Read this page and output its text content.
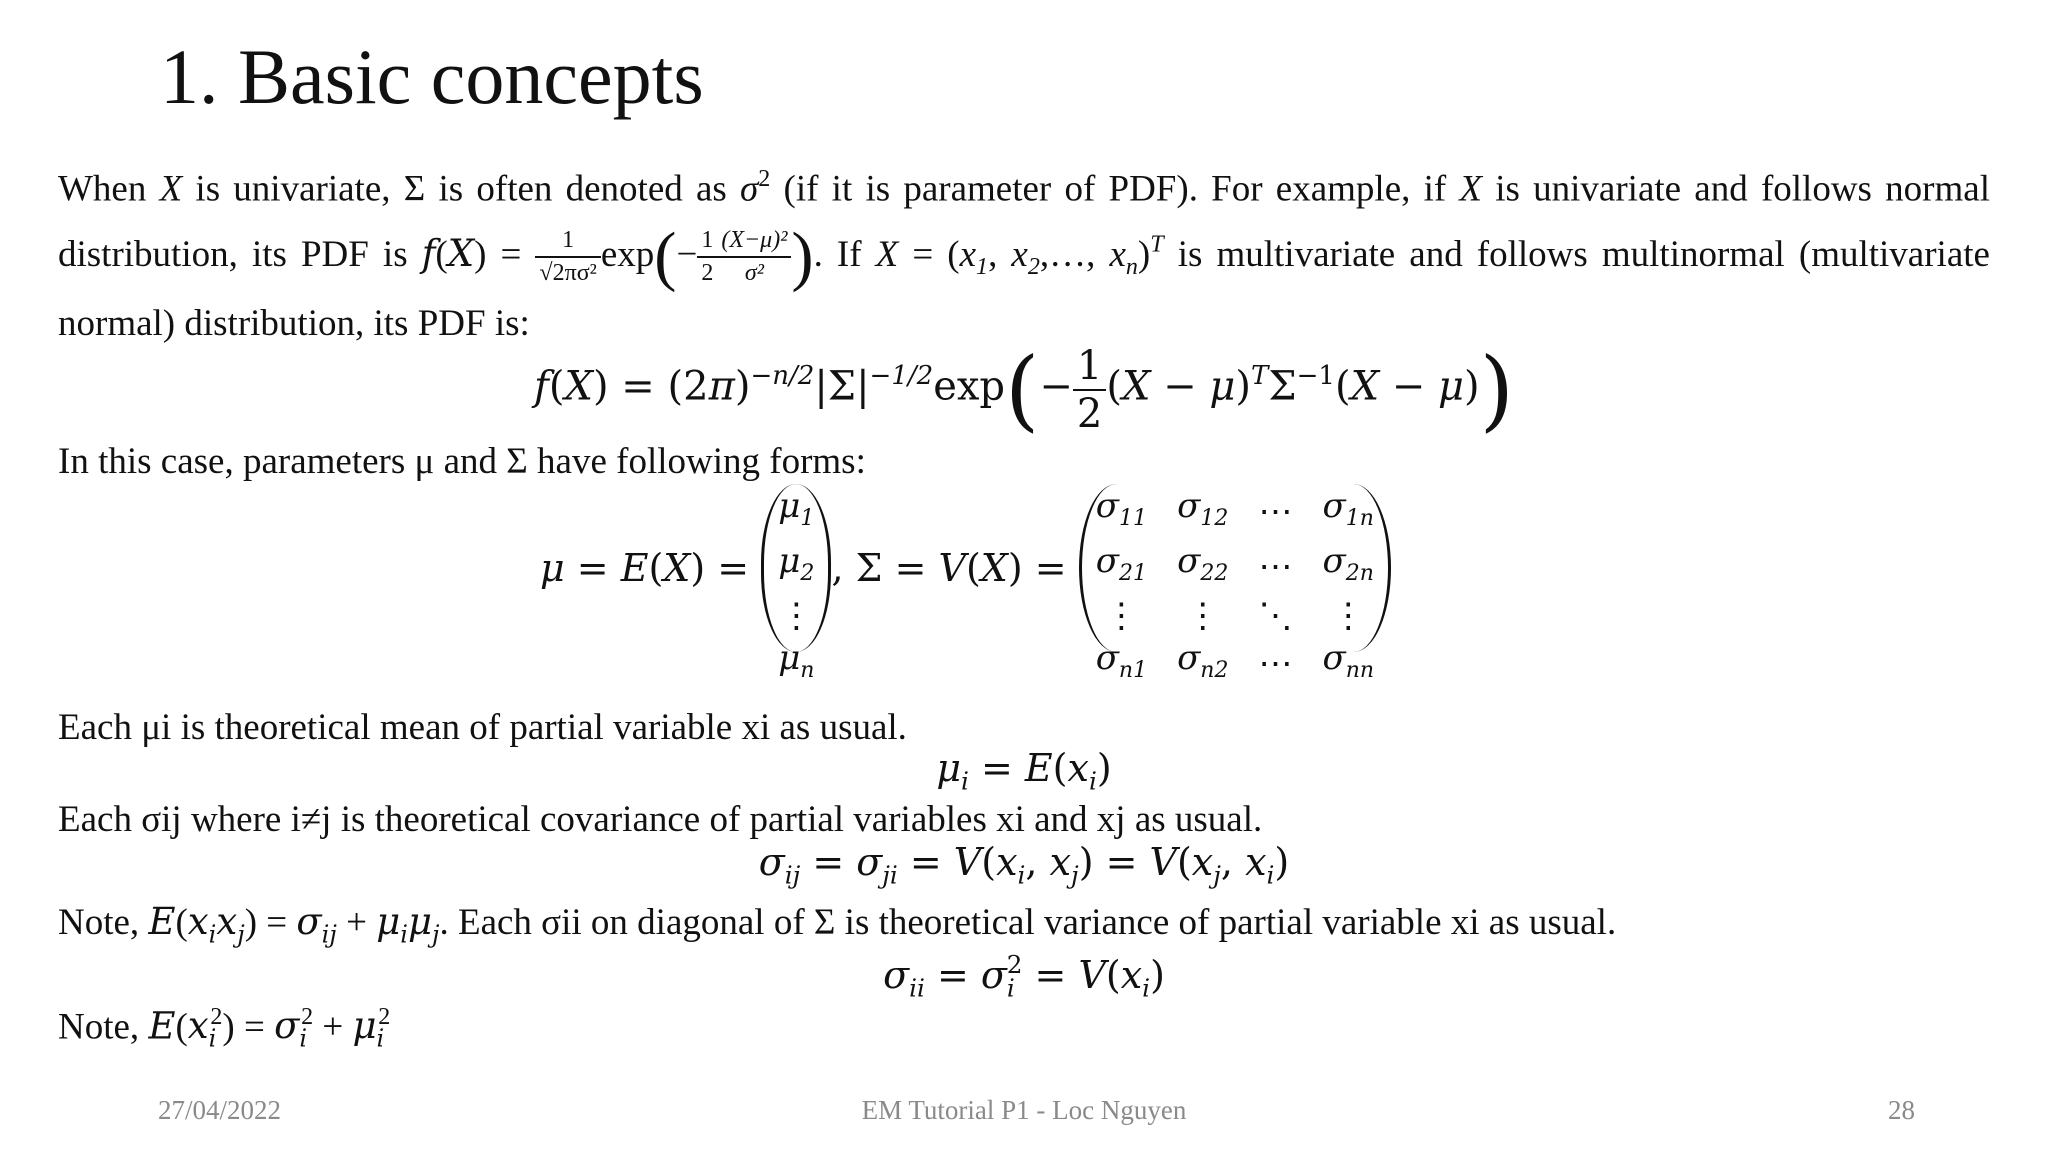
1. Basic concepts
When X is univariate, Σ is often denoted as $\sigma^2$ (if it is parameter of PDF). For example, if X is univariate and follows normal distribution, its PDF is $f(X) = \frac{1}{\text{√2πσ²}} \exp(- \frac{1}{2} \frac{\text{(X−μ)²}}{\text{σ²}}$ ). If $X = (x_1$, $x_2,\dots$, $x_n)^T$ is multivariate and follows multinormal (multivariate normal) distribution, its PDF is:
$f(X) = (2\pi)^{-n/2}|\Sigma|^{-1/2}\exp(- \frac{1}{2} (X - \mu)^T\Sigma^{-1}(X - \mu))$
In this case, parameters μ and Σ have following forms:
μ = E(X) =
$\mu_1$
$\mu_2$
⋮
$\mu_n$
, Σ = V(X) =
$\sigma_{11}$ $\sigma_{12}$ ⋯ $\sigma_{1n}$
$\sigma_{21}$ $\sigma_{22}$ ⋯ $\sigma_{2n}$
⋮ ⋮ ⋱ ⋮
$\sigma_{n1}$ $\sigma_{n2}$ ⋯ $\sigma_{nn}$
Each μi is theoretical mean of partial variable xi as usual.
$\mu_i = E(x_i)$
Each σij where i≠j is theoretical covariance of partial variables xi and xj as usual.
$\sigma_{ij} = \sigma_{ji} = V(x_i$, $x_j) = V(x_j$, $x_i$)
Note, $E(x_ix_j) = \sigma_{ij} + \mu_i\mu_j$. Each σii on diagonal of Σ is theoretical variance of partial variable xi as usual.
$\sigma_{ii} = \sigma_i^2 = V(x_i)$
Note, $E(x_i^2) = \sigma_i^2 + \mu_i^2$
27/04/2022	EM Tutorial P1 - Loc Nguyen	28
